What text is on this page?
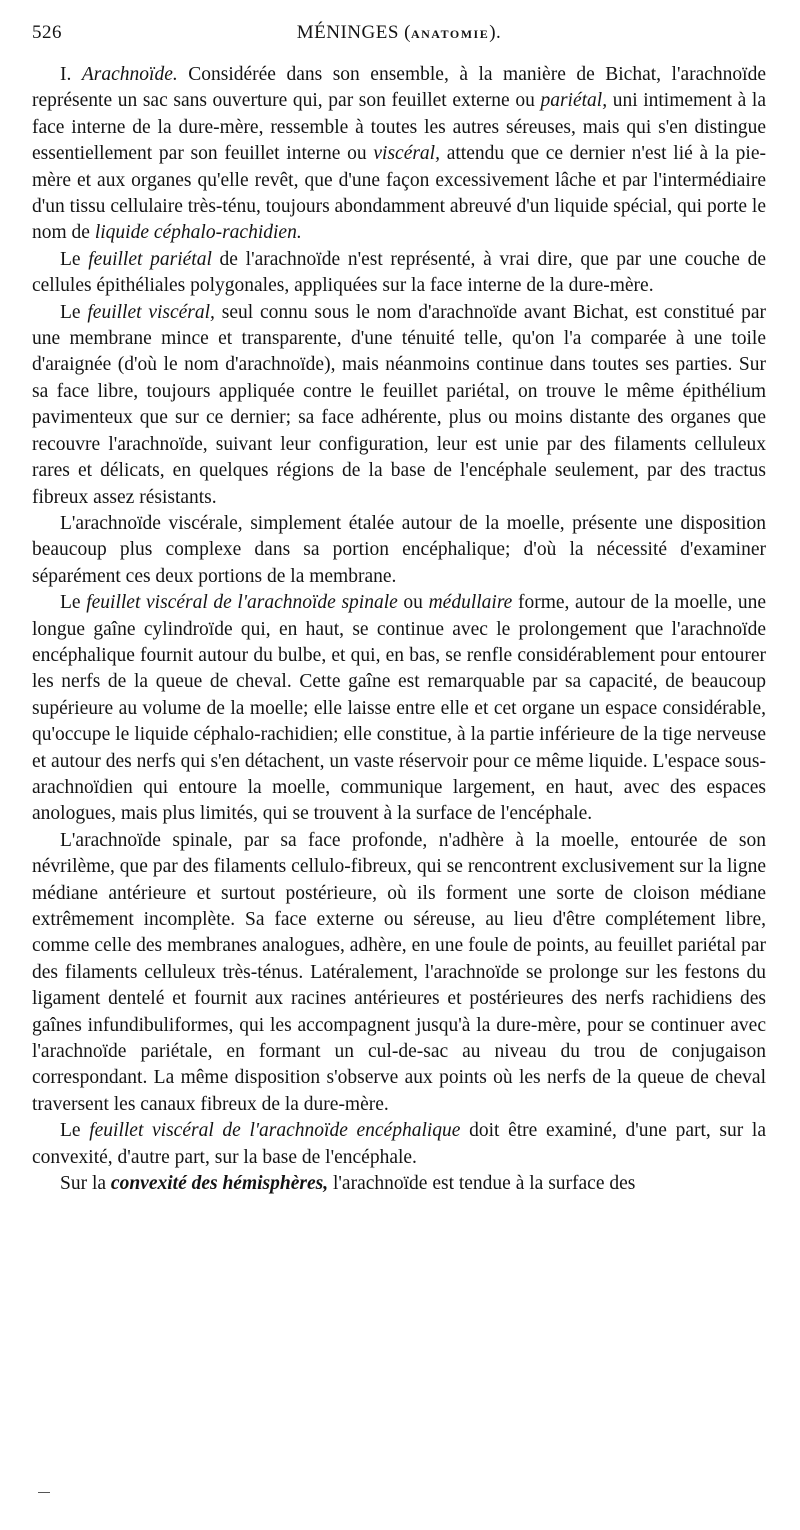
526	MÉNINGES (ANATOMIE).

I. Arachnoïde. Considérée dans son ensemble, à la manière de Bichat, l'arachnoïde représente un sac sans ouverture qui, par son feuillet externe ou pariétal, uni intimement à la face interne de la dure-mère, ressemble à toutes les autres séreuses, mais qui s'en distingue essentiellement par son feuillet interne ou viscéral, attendu que ce dernier n'est lié à la pie-mère et aux organes qu'elle revêt, que d'une façon excessivement lâche et par l'intermédiaire d'un tissu cellulaire très-ténu, toujours abondamment abreuvé d'un liquide spécial, qui porte le nom de liquide céphalo-rachidien.

Le feuillet pariétal de l'arachnoïde n'est représenté, à vrai dire, que par une couche de cellules épithéliales polygonales, appliquées sur la face interne de la dure-mère.

Le feuillet viscéral, seul connu sous le nom d'arachnoïde avant Bichat, est constitué par une membrane mince et transparente, d'une ténuité telle, qu'on l'a comparée à une toile d'araignée (d'où le nom d'arachnoïde), mais néanmoins continue dans toutes ses parties. Sur sa face libre, toujours appliquée contre le feuillet pariétal, on trouve le même épithélium pavimenteux que sur ce dernier; sa face adhérente, plus ou moins distante des organes que recouvre l'arachnoïde, suivant leur configuration, leur est unie par des filaments celluleux rares et délicats, en quelques régions de la base de l'encéphale seulement, par des tractus fibreux assez résistants.

L'arachnoïde viscérale, simplement étalée autour de la moelle, présente une disposition beaucoup plus complexe dans sa portion encéphalique; d'où la nécessité d'examiner séparément ces deux portions de la membrane.

Le feuillet viscéral de l'arachnoïde spinale ou médullaire forme, autour de la moelle, une longue gaîne cylindroïde qui, en haut, se continue avec le prolongement que l'arachnoïde encéphalique fournit autour du bulbe, et qui, en bas, se renfle considérablement pour entourer les nerfs de la queue de cheval. Cette gaîne est remarquable par sa capacité, de beaucoup supérieure au volume de la moelle; elle laisse entre elle et cet organe un espace considérable, qu'occupe le liquide céphalo-rachidien; elle constitue, à la partie inférieure de la tige nerveuse et autour des nerfs qui s'en détachent, un vaste réservoir pour ce même liquide. L'espace sous-arachnoïdien qui entoure la moelle, communique largement, en haut, avec des espaces anologues, mais plus limités, qui se trouvent à la surface de l'encéphale.

L'arachnoïde spinale, par sa face profonde, n'adhère à la moelle, entourée de son névrilème, que par des filaments cellulo-fibreux, qui se rencontrent exclusivement sur la ligne médiane antérieure et surtout postérieure, où ils forment une sorte de cloison médiane extrêmement incomplète. Sa face externe ou séreuse, au lieu d'être complétement libre, comme celle des membranes analogues, adhère, en une foule de points, au feuillet pariétal par des filaments celluleux très-ténus. Latéralement, l'arachnoïde se prolonge sur les festons du ligament dentelé et fournit aux racines antérieures et postérieures des nerfs rachidiens des gaînes infundibuliformes, qui les accompagnent jusqu'à la dure-mère, pour se continuer avec l'arachnoïde pariétale, en formant un cul-de-sac au niveau du trou de conjugaison correspondant. La même disposition s'observe aux points où les nerfs de la queue de cheval traversent les canaux fibreux de la dure-mère.

Le feuillet viscéral de l'arachnoïde encéphalique doit être examiné, d'une part, sur la convexité, d'autre part, sur la base de l'encéphale.

Sur la convexité des hémisphères, l'arachnoïde est tendue à la surface des
